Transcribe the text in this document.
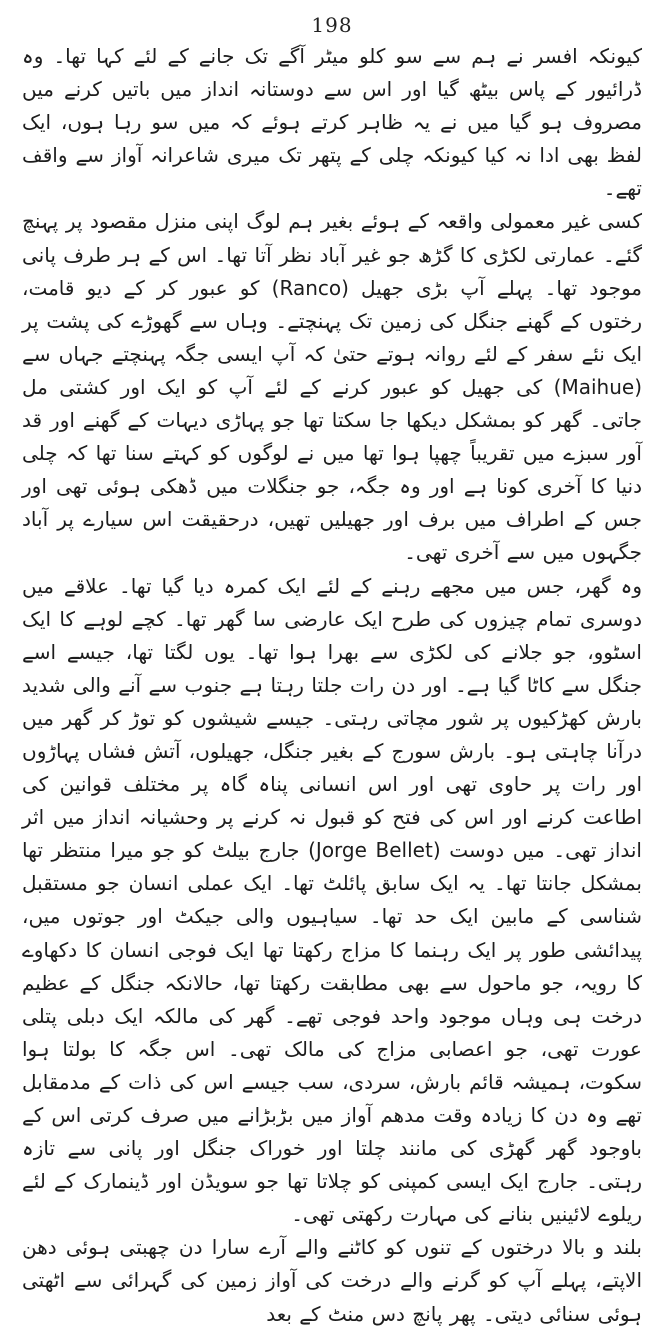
198

کیونکہ افسر نے ہم سے سو کلو میٹر آگے تک جانے کے لئے کہا تھا۔ وہ ڈرائیور کے پاس بیٹھ گیا اور اس سے دوستانہ انداز میں باتیں کرنے میں مصروف ہو گیا میں نے یہ ظاہر کرتے ہوئے کہ میں سو رہا ہوں، ایک لفظ بھی ادا نہ کیا کیونکہ چلی کے پتھر تک میری شاعرانہ آواز سے واقف تھے۔

کسی غیر معمولی واقعہ کے ہوئے بغیر ہم لوگ اپنی منزل مقصود پر پہنچ گئے۔ عمارتی لکڑی کا گڑھ جو غیر آباد نظر آتا تھا۔ اس کے ہر طرف پانی موجود تھا۔ پہلے آپ بڑی جھیل (Ranco) کو عبور کر کے دیو قامت، رختوں کے گھنے جنگل کی زمین تک پہنچتے۔ وہاں سے گھوڑے کی پشت پر ایک نئے سفر کے لئے روانہ ہوتے حتیٰ کہ آپ ایسی جگہ پہنچتے جہاں سے (Maihue) کی جھیل کو عبور کرنے کے لئے آپ کو ایک اور کشتی مل جاتی۔ گھر کو بمشکل دیکھا جا سکتا تھا جو پہاڑی دیہات کے گھنے اور قد آور سبزے میں تقریباً چھپا ہوا تھا میں نے لوگوں کو کہتے سنا تھا کہ چلی دنیا کا آخری کونا ہے اور وہ جگہ، جو جنگلات میں ڈھکی ہوئی تھی اور جس کے اطراف میں برف اور جھیلیں تھیں، درحقیقت اس سیارے پر آباد جگہوں میں سے آخری تھی۔

وہ گھر، جس میں مجھے رہنے کے لئے ایک کمرہ دیا گیا تھا۔ علاقے میں دوسری تمام چیزوں کی طرح ایک عارضی سا گھر تھا۔ کچے لوہے کا ایک اسٹوو، جو جلانے کی لکڑی سے بھرا ہوا تھا۔ یوں لگتا تھا، جیسے اسے جنگل سے کاٹا گیا ہے۔ اور دن رات جلتا رہتا ہے جنوب سے آنے والی شدید بارش کھڑکیوں پر شور مچاتی رہتی۔ جیسے شیشوں کو توڑ کر گھر میں درآنا چاہتی ہو۔ بارش سورج کے بغیر جنگل، جھیلوں، آتش فشاں پہاڑوں اور رات پر حاوی تھی اور اس انسانی پناہ گاہ پر مختلف قوانین کی اطاعت کرنے اور اس کی فتح کو قبول نہ کرنے پر وحشیانہ انداز میں اثر انداز تھی۔ میں دوست (Jorge Bellet) جارج بیلٹ کو جو میرا منتظر تھا بمشکل جانتا تھا۔ یہ ایک سابق پائلٹ تھا۔ ایک عملی انسان جو مستقبل شناسی کے مابین ایک حد تھا۔ سیاہیوں والی جیکٹ اور جوتوں میں، پیدائشی طور پر ایک رہنما کا مزاج رکھتا تھا ایک فوجی انسان کا دکھاوے کا رویہ، جو ماحول سے بھی مطابقت رکھتا تھا، حالانکہ جنگل کے عظیم درخت ہی وہاں موجود واحد فوجی تھے۔ گھر کی مالکہ ایک دبلی پتلی عورت تھی، جو اعصابی مزاج کی مالک تھی۔ اس جگہ کا بولتا ہوا سکوت، ہمیشہ قائم بارش، سردی، سب جیسے اس کی ذات کے مدمقابل تھے وہ دن کا زیادہ وقت مدھم آواز میں بڑبڑانے میں صرف کرتی اس کے باوجود گھر گھڑی کی مانند چلتا اور خوراک جنگل اور پانی سے تازہ رہتی۔ جارج ایک ایسی کمپنی کو چلاتا تھا جو سویڈن اور ڈینمارک کے لئے ریلوے لائینیں بنانے کی مہارت رکھتی تھی۔

بلند و بالا درختوں کے تنوں کو کاٹنے والے آرے سارا دن چھبتی ہوئی دھن الاپتے، پہلے آپ کو گرنے والے درخت کی آواز زمین کی گہرائی سے اٹھتی ہوئی سنائی دیتی۔ پھر پانچ دس منٹ کے بعد
